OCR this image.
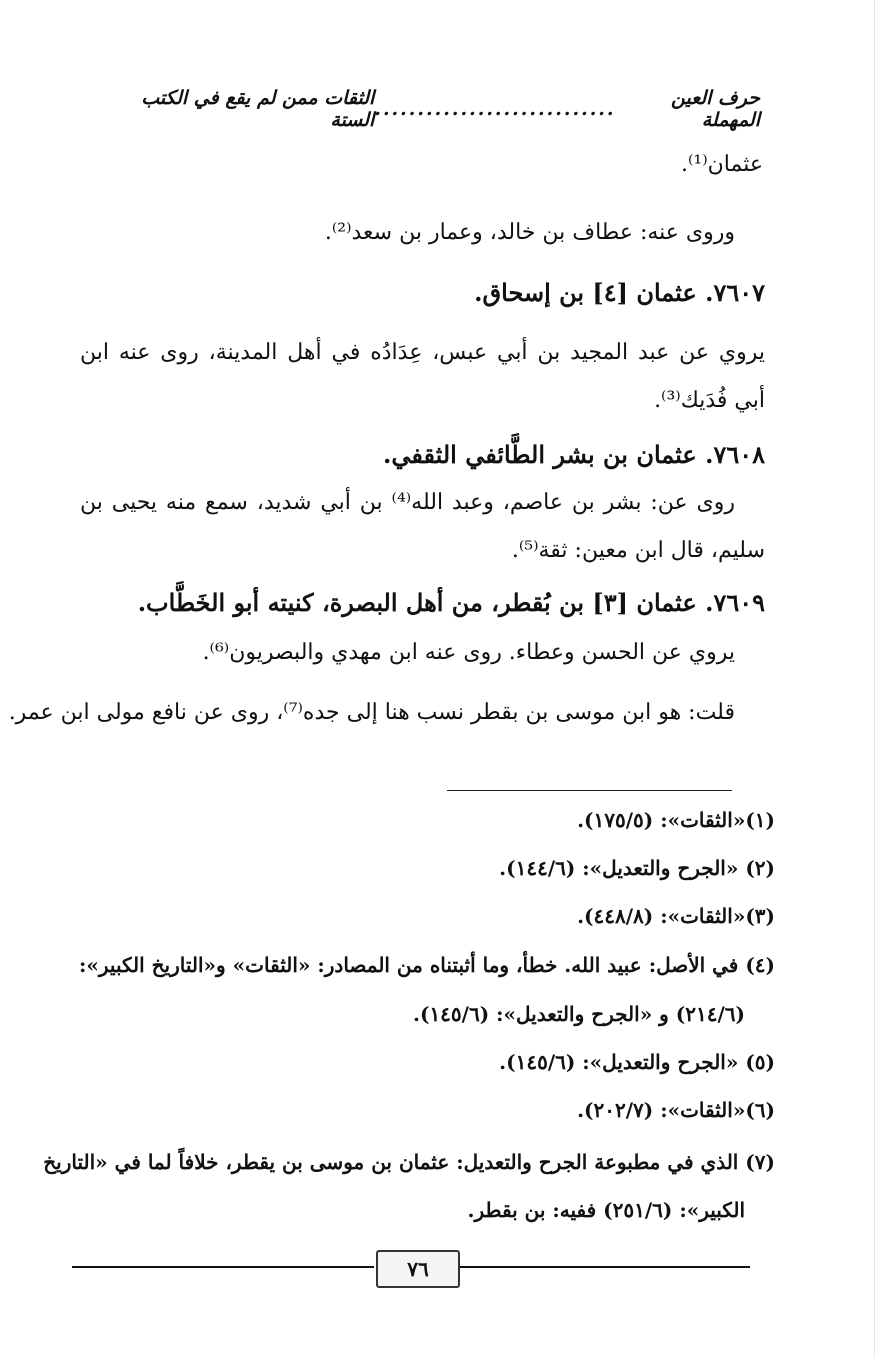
حرف العين المهملة
............................
الثقات ممن لم يقع في الكتب الستة
عثمان⁽¹⁾.
وروى عنه: عطاف بن خالد، وعمار بن سعد⁽²⁾.
٧٦٠٧. عثمان [٤] بن إسحاق.
يروي عن عبد المجيد بن أبي عبس، عِدَادُه في أهل المدينة، روى عنه ابن
أبي فُدَيك⁽³⁾.
٧٦٠٨. عثمان بن بشر الطَّائفي الثقفي.
روى عن: بشر بن عاصم، وعبد الله⁽⁴⁾ بن أبي شديد، سمع منه يحيى بن
سليم، قال ابن معين: ثقة⁽⁵⁾.
٧٦٠٩. عثمان [٣] بن بُقطر، من أهل البصرة، كنيته أبو الخَطَّاب.
يروي عن الحسن وعطاء. روى عنه ابن مهدي والبصريون⁽⁶⁾.
قلت: هو ابن موسى بن بقطر نسب هنا إلى جده⁽⁷⁾، روى عن نافع مولى ابن عمر.
(١)«الثقات»: (١٧٥/٥).
(٢) «الجرح والتعديل»: (١٤٤/٦).
(٣)«الثقات»: (٤٤٨/٨).
(٤) في الأصل: عبيد الله. خطأ، وما أثبتناه من المصادر: «الثقات» و«التاريخ الكبير»:
(٢١٤/٦) و «الجرح والتعديل»: (١٤٥/٦).
(٥) «الجرح والتعديل»: (١٤٥/٦).
(٦)«الثقات»: (٢٠٢/٧).
(٧) الذي في مطبوعة الجرح والتعديل: عثمان بن موسى بن يقطر، خلافاً لما في «التاريخ
الكبير»: (٢٥١/٦) ففيه: بن بقطر.
٧٦
